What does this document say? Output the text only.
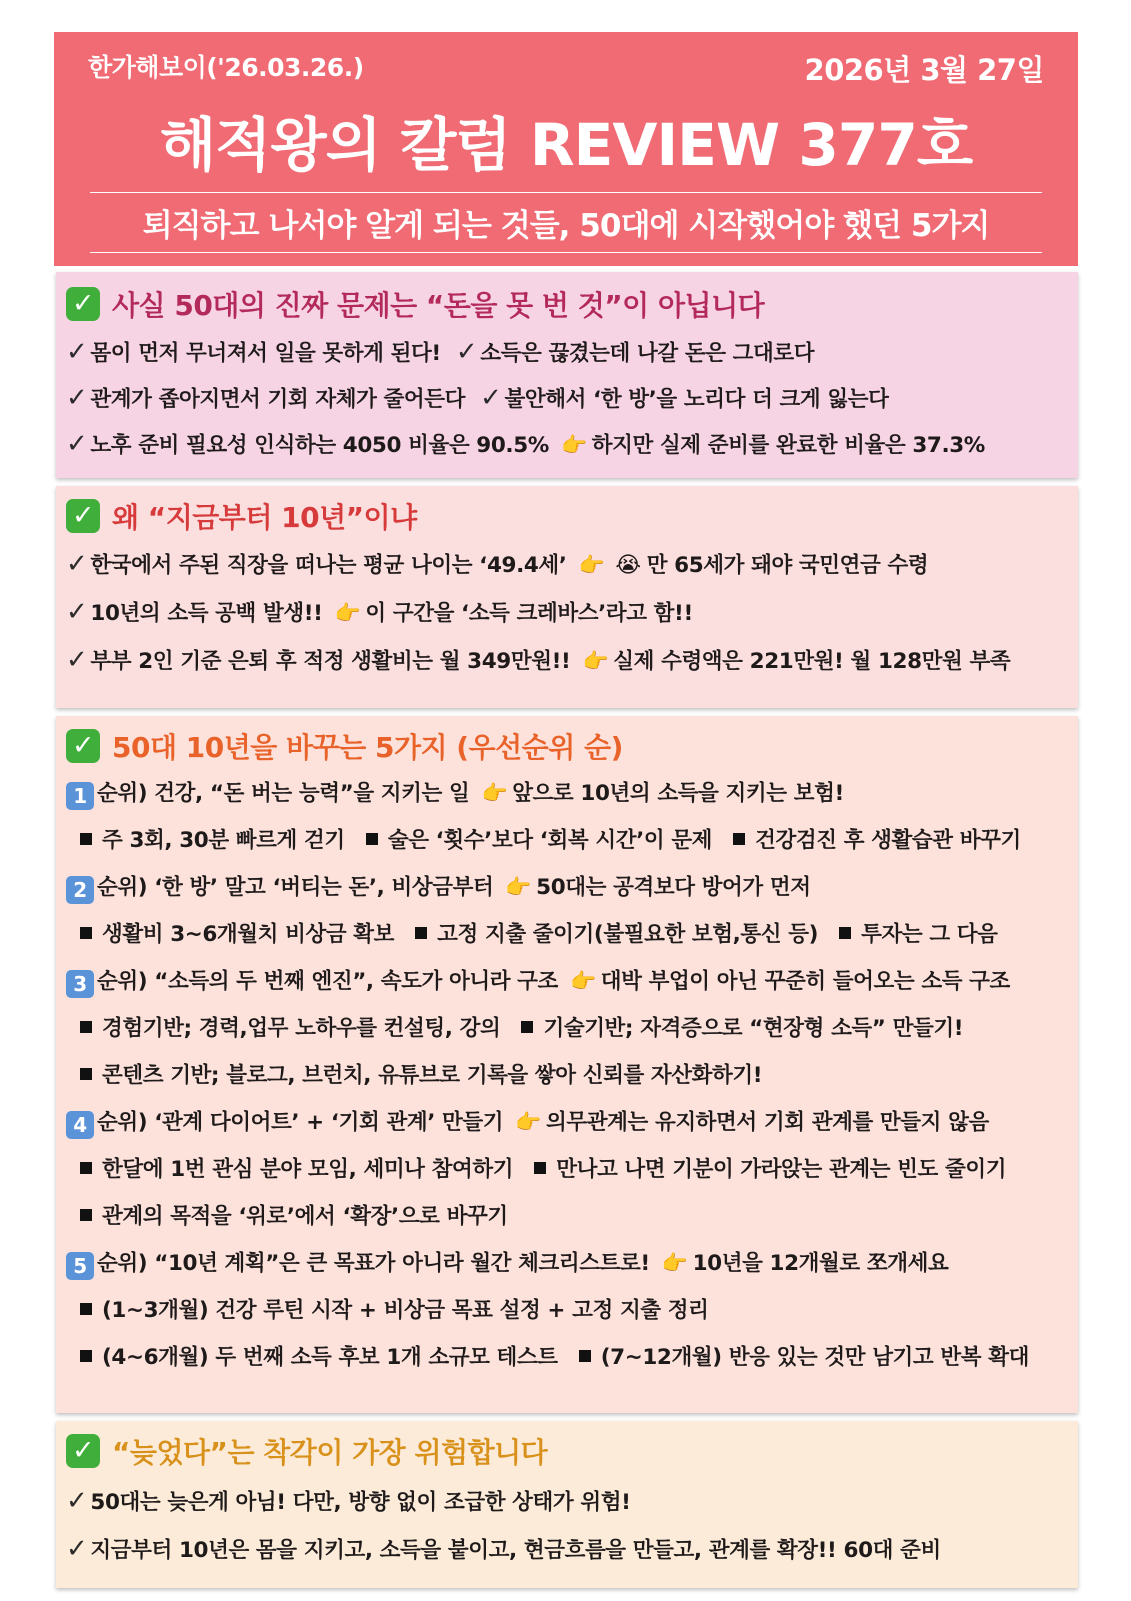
한가해보이('26.03.26.)	2026년 3월 27일
해적왕의 칼럼 REVIEW 377호
퇴직하고 나서야 알게 되는 것들, 50대에 시작했어야 했던 5가지
✓ 사실 50대의 진짜 문제는 “돈을 못 번 것”이 아닙니다
✓ 몸이 먼저 무너져서 일을 못하게 된다! ✓ 소득은 끊겼는데 나갈 돈은 그대로다
✓ 관계가 좁아지면서 기회 자체가 줄어든다 ✓ 불안해서 ‘한 방’을 노리다 더 크게 잃는다
✓ 노후 준비 필요성 인식하는 4050 비율은 90.5% 👉 하지만 실제 준비를 완료한 비율은 37.3%
✓ 왜 “지금부터 10년”이냐
✓ 한국에서 주된 직장을 떠나는 평균 나이는 ‘49.4세’ 👉 😭 만 65세가 돼야 국민연금 수령
✓ 10년의 소득 공백 발생!! 👉 이 구간을 ‘소득 크레바스’라고 함!!
✓ 부부 2인 기준 은퇴 후 적정 생활비는 월 349만원!! 👉 실제 수령액은 221만원! 월 128만원 부족
✓ 50대 10년을 바꾸는 5가지 (우선순위 순)
1 순위) 건강, “돈 버는 능력”을 지키는 일 👉 앞으로 10년의 소득을 지키는 보험!
주 3회, 30분 빠르게 걷기 술은 ‘횟수’보다 ‘회복 시간’이 문제 건강검진 후 생활습관 바꾸기
2 순위) ‘한 방’ 말고 ‘버티는 돈’, 비상금부터 👉 50대는 공격보다 방어가 먼저
생활비 3~6개월치 비상금 확보 고정 지출 줄이기(불필요한 보험,통신 등) 투자는 그 다음
3 순위) “소득의 두 번째 엔진”, 속도가 아니라 구조 👉 대박 부업이 아닌 꾸준히 들어오는 소득 구조
경험기반; 경력,업무 노하우를 컨설팅, 강의 기술기반; 자격증으로 “현장형 소득” 만들기!
콘텐츠 기반; 블로그, 브런치, 유튜브로 기록을 쌓아 신뢰를 자산화하기!
4 순위) ‘관계 다이어트’ + ‘기회 관계’ 만들기 👉 의무관계는 유지하면서 기회 관계를 만들지 않음
한달에 1번 관심 분야 모임, 세미나 참여하기 만나고 나면 기분이 가라앉는 관계는 빈도 줄이기
관계의 목적을 ‘위로’에서 ‘확장’으로 바꾸기
5 순위) “10년 계획”은 큰 목표가 아니라 월간 체크리스트로! 👉 10년을 12개월로 쪼개세요
(1~3개월) 건강 루틴 시작 + 비상금 목표 설정 + 고정 지출 정리
(4~6개월) 두 번째 소득 후보 1개 소규모 테스트 (7~12개월) 반응 있는 것만 남기고 반복 확대
✓ “늦었다”는 착각이 가장 위험합니다
✓ 50대는 늦은게 아님! 다만, 방향 없이 조급한 상태가 위험!
✓ 지금부터 10년은 몸을 지키고, 소득을 붙이고, 현금흐름을 만들고, 관계를 확장!! 60대 준비
